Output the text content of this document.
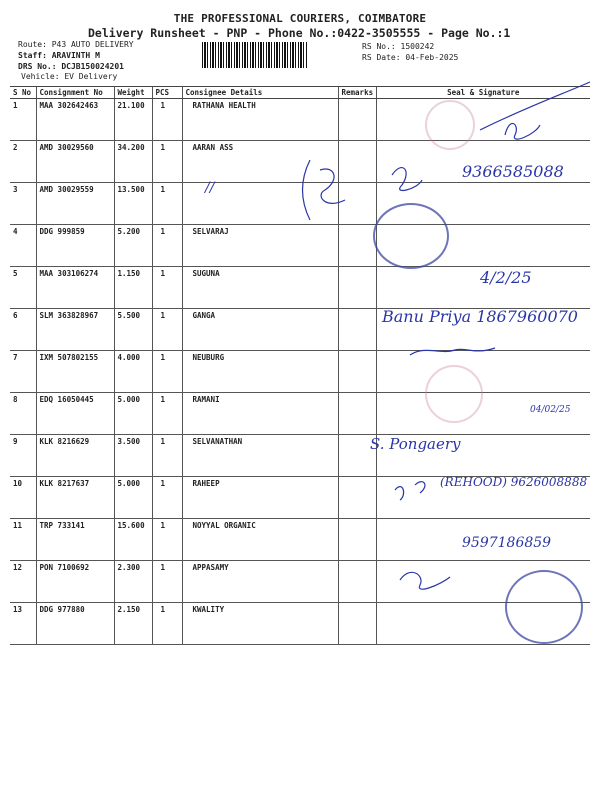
THE PROFESSIONAL COURIERS, COIMBATORE
Delivery Runsheet - PNP - Phone No.:0422-3505555 - Page No.:1
Route: P43 AUTO DELIVERY
Staff: ARAVINTH M
DRS No.: DCJB150024201
Vehicle: EV Delivery
RS No.: 1500242
RS Date: 04-Feb-2025
S No	Consignment No	Weight	PCS	Consignee Details	Remarks	Seal & Signature
1	MAA 302642463	21.100	1	RATHANA HEALTH		
2	AMD 30029560	34.200	1	AARAN ASS		
3	AMD 30029559	13.500	1			
4	DDG 999859	5.200	1	SELVARAJ		
5	MAA 303106274	1.150	1	SUGUNA		
6	SLM 363828967	5.500	1	GANGA		
7	IXM 507802155	4.000	1	NEUBURG		
8	EDQ 16050445	5.000	1	RAMANI		
9	KLK 8216629	3.500	1	SELVANATHAN		
10	KLK 8217637	5.000	1	RAHEEP		
11	TRP 733141	15.600	1	NOYYAL ORGANIC		
12	PON 7100692	2.300	1	APPASAMY		
13	DDG 977880	2.150	1	KWALITY		
//
9366585088
4/2/25
Banu Priya 1867960070
04/02/25
S. Pongaery
(REHOOD) 9626008888
9597186859
